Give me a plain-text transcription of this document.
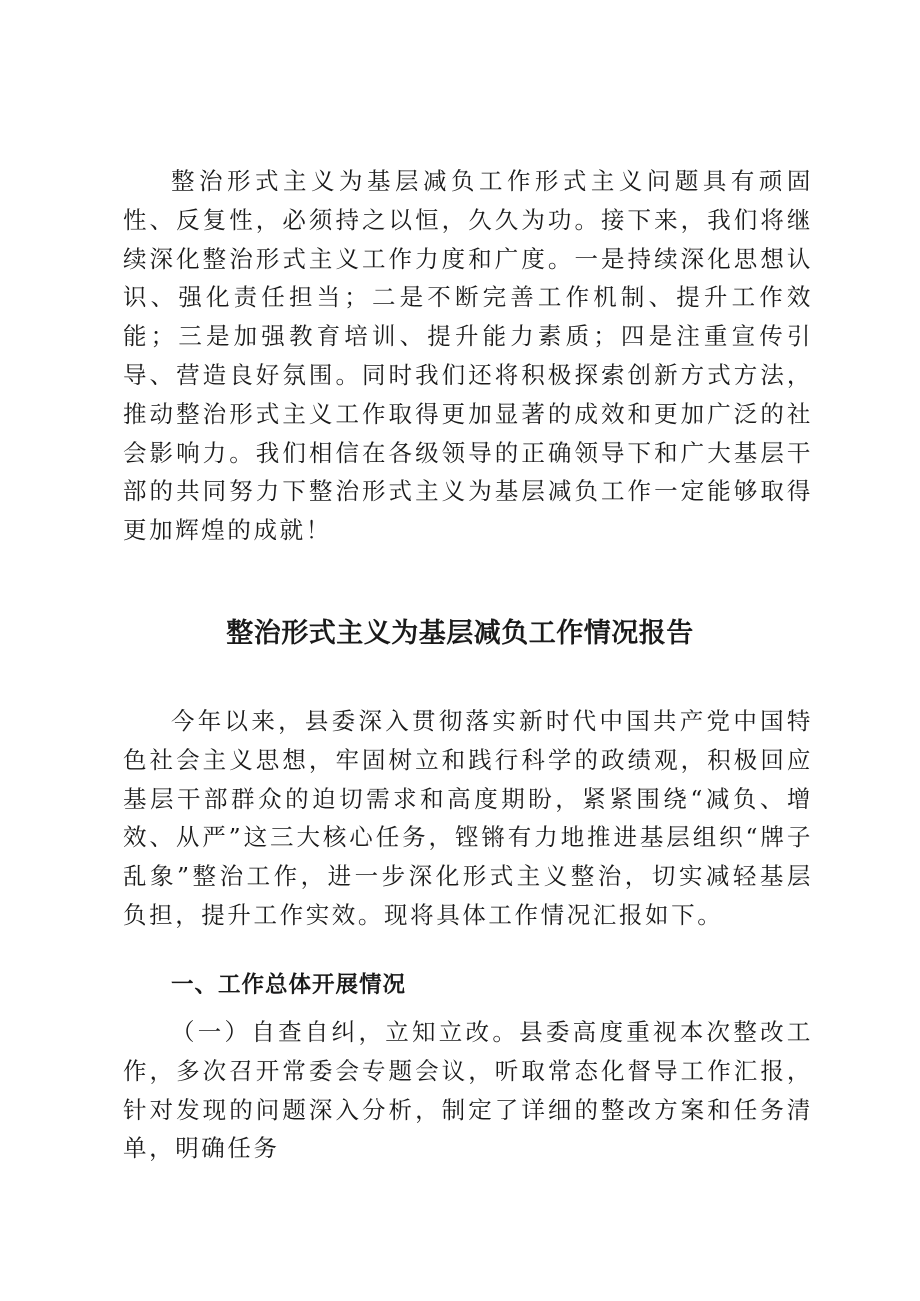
整治形式主义为基层减负工作形式主义问题具有顽固性、反复性，必须持之以恒，久久为功。接下来，我们将继续深化整治形式主义工作力度和广度。一是持续深化思想认识、强化责任担当；二是不断完善工作机制、提升工作效能；三是加强教育培训、提升能力素质；四是注重宣传引导、营造良好氛围。同时我们还将积极探索创新方式方法，推动整治形式主义工作取得更加显著的成效和更加广泛的社会影响力。我们相信在各级领导的正确领导下和广大基层干部的共同努力下整治形式主义为基层减负工作一定能够取得更加辉煌的成就！

整治形式主义为基层减负工作情况报告

今年以来，县委深入贯彻落实新时代中国共产党中国特色社会主义思想，牢固树立和践行科学的政绩观，积极回应基层干部群众的迫切需求和高度期盼，紧紧围绕“减负、增效、从严”这三大核心任务，铿锵有力地推进基层组织“牌子乱象”整治工作，进一步深化形式主义整治，切实减轻基层负担，提升工作实效。现将具体工作情况汇报如下。

一、工作总体开展情况

（一）自查自纠，立知立改。县委高度重视本次整改工作，多次召开常委会专题会议，听取常态化督导工作汇报，针对发现的问题深入分析，制定了详细的整改方案和任务清单，明确任务
